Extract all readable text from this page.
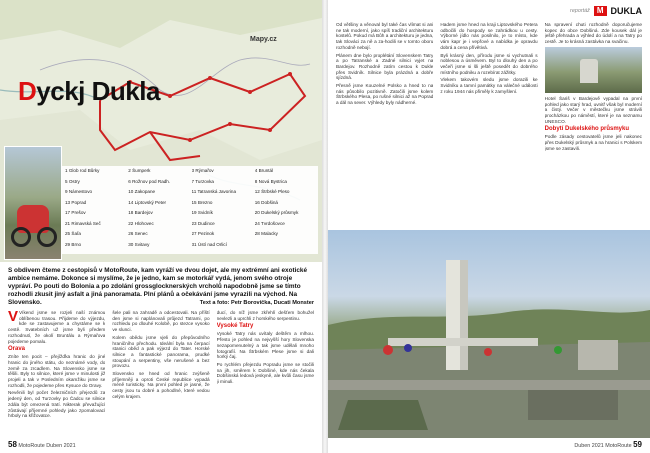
Mapy.cz
Dyckj Dukla
1 Glob rod Bůrky	2 Šumperk	3 Rýmařov	4 Bruntál
5 Ostry	6 Rožnov pod Radh.	7 Turzovka	8 Nová Bystrica
9 Námestovo	10 Zakopane	11 Tatranská Javorina	12 Štrbské Pleso
13 Poprad	14 Liptovský Peter	15 Brezno	16 Dobšiná
17 Prešov	18 Bardejov	19 Svidník	20 Dukelský průsmyk
21 Rimavská Seč	22 Hlohovec	23 Dudince	24 Tvrdošovce
25 Šaľa	26 Senec	27 Pezinok	28 Malacky
29 Brno	30 Svitavy	31 Ústí nad Orlicí

S obdivem čteme z cestopisů v MotoRoute, kam vyráží ve dvou dojet, ale my extrémní ani exotické ambice nemáme. Dokonce si myslíme, že je jedno, kam se motorkář vydá, jenom svého otroje vypráví. Po pouti do Bolonia a po zdolání grossglocknerských vrcholů napodobně jsme se tímto rozhodli zkusit jiný asfalt a jiná panoramata. Plní plánů a očekávání jsme vyrazili na východ. Na Slovensko.	Text a foto: Petr Borovička, Ducati Monster

V Víkend jsme se rozjeli naší známou oblíbenou trasou. Přijdeme do výjezdu, kde se zastavujeme a chystáme se k cestě. Svatebních už jsme byli předem rozhodnutí, že okolí Bruntálu a Rýmařova pojedeme pomalu.

Orava

Zníte ten pocit – přejížďka hranic do jiné hranic do jiného státu, do neznámé vody, do země za zrcadlem. Na Slovensko jsme se těšili. Byly to silnice, které jsme v minulosti již projeli a tak v Posledním okamžiku jsme se rozhodli, že pojedeme přes Kysuce do Oravy.

Nevěnili byl počet železničních přejezdů za jedený den, od Turzovky po Čadcu se silnice zdála být omezená tratí. Nikterak převažující zůstávají příjemné pohledy jako zpomalovací hrboly na křižovatce.

šele pali na zahradě a odcestovali. Na příští den jsme si naplánovali průjezd Tatrami, po rozhledu po dlouhé Kolobě, po stezce vysoko ve slunci.

Kolem obědu jsme vjeli do přepůvodního hraničního přechodu. Ideální byla na čerpací stanici oběd a pak výjezd do Tater. Horské silnice a fantastické panorama, prudké stoupání a serpentiny, vše nerušené a bez provozu.

Slovensko se hned od hranic zvýšeně příjemněji a oproti České republice vypadá méně turisticky. Na první pohled je jasné, že cesty jsou tu dobré a pohodlné, které vedou celým krajem.

ducí, do níž jsme zkřehlí dešťem bohužel nevlezli a uprchli z horského serpentinu.

Vysoké Tatry

Vysoké Tatry nás uvítaly deštěm a mlhou. Přesto je pohled na nejvyšší hory Slovenska nezapomenutelný a tak jsme udělali mnoho fotografií. Na Štrbském Plese jsme si dali horký čaj.

Po rychlém přejezdu Popradu jsme se stočili na jih, směrem k Dobšiné, kde nás čekala Dobšinská ledová jeskyně, ale kvůli času jsme ji minuli.

58 MotoRoute Duben 2021
reportáž M DUKLA

Od většiny a věnoval byl také čas vlímat si ani ne tak moderní, jako spíš tradiční architekturu kostelů. Pokud má Bůh a architekturu je jedna, tak Slováci za ně a za-hodili se v tomto oboru rozhodně nebojí.

Plánem dne bylo proplétání Slovenskem Tatry a po Tatranské a Zadné silnici vyjet na Bardejov. Rozhodně zatím cestou k Dukle přes Svidník. Silnice byla prázdná a dobře sjízdná.

Přesně jsme Kouzelné Polsko a hned to na nás působilo pozitivně. Zatočili jsme kolem Štrbského Plesa, po rušné silnici až na Poprad a dál na sever. Výhledy byly nádherné.

Hadem jsme hned na kraji Liptovského Petera odbočili do hospody se zahrádkou u cesty. Výborné jídlo nás posilnilo, je to místo, kde vám kapr je i vepřové a nabídka je opravdu dobrá a cena přívětivá.

Byli krásný den, přírodu jsme si vychutnali s noblesou a úsměvem. Byl to dlouhý den a po večeři jsme si šli ještě posedět do dobrého místního podniku a rozebírat zážitky.

Vlekem takovém sledu jsme dorazili ke Svidníku a tamní památky na válečné události z roku 1944 nás přiměly k zamyšlení.

Na spravení chuti rozhodně doporučujeme kopec do obce Dobšiná. Zde kousek dál je ještě přehrada a výhled do údolí a na Tatry po cestě. Je to krásná zastávka na svačinu.

Hotel Šariš v Bardejově vypadal na první pohled jako starý hrad, uvnitř však byl moderní a čistý. Večer v městečku jsme strávili procházkou po náměstí, které je na seznamu UNESCO.

Dobytí Dukelského průsmyku

Podle zásady cestovatelů jsme jeli nakonec přes Dukelský průsmyk a na hranici s Polskem jsme se zastavili.

Duben 2021 MotoRoute 59
